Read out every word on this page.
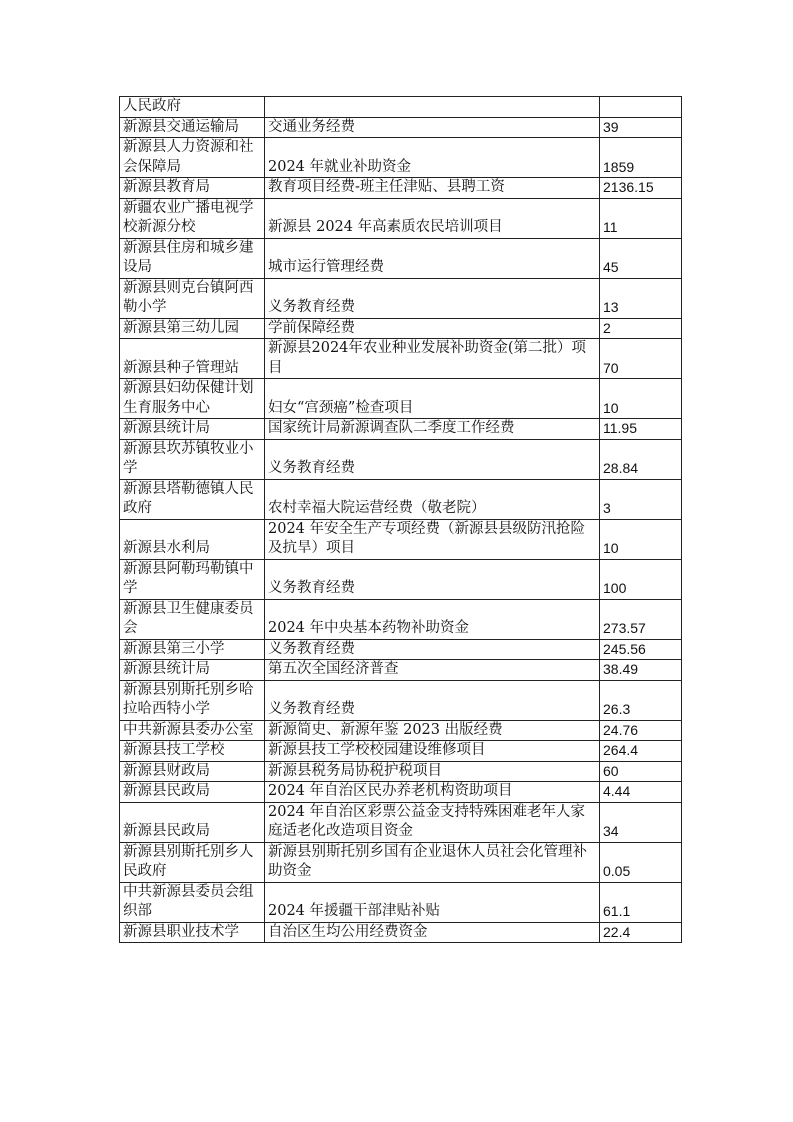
人民政府		
新源县交通运输局	交通业务经费	39
新源县人力资源和社会保障局	2024 年就业补助资金	1859
新源县教育局	教育项目经费-班主任津贴、县聘工资	2136.15
新疆农业广播电视学校新源分校	新源县 2024 年高素质农民培训项目	11
新源县住房和城乡建设局	城市运行管理经费	45
新源县则克台镇阿西勒小学	义务教育经费	13
新源县第三幼儿园	学前保障经费	2
新源县种子管理站	新源县2024年农业种业发展补助资金(第二批）项目	70
新源县妇幼保健计划生育服务中心	妇女“宫颈癌”检查项目	10
新源县统计局	国家统计局新源调查队二季度工作经费	11.95
新源县坎苏镇牧业小学	义务教育经费	28.84
新源县塔勒德镇人民政府	农村幸福大院运营经费（敬老院）	3
新源县水利局	2024 年安全生产专项经费（新源县县级防汛抢险及抗旱）项目	10
新源县阿勒玛勒镇中学	义务教育经费	100
新源县卫生健康委员会	2024 年中央基本药物补助资金	273.57
新源县第三小学	义务教育经费	245.56
新源县统计局	第五次全国经济普查	38.49
新源县别斯托别乡哈拉哈西特小学	义务教育经费	26.3
中共新源县委办公室	新源简史、新源年鉴 2023 出版经费	24.76
新源县技工学校	新源县技工学校校园建设维修项目	264.4
新源县财政局	新源县税务局协税护税项目	60
新源县民政局	2024 年自治区民办养老机构资助项目	4.44
新源县民政局	2024 年自治区彩票公益金支持特殊困难老年人家庭适老化改造项目资金	34
新源县别斯托别乡人民政府	新源县别斯托别乡国有企业退休人员社会化管理补助资金	0.05
中共新源县委员会组织部	2024 年援疆干部津贴补贴	61.1
新源县职业技术学	自治区生均公用经费资金	22.4
